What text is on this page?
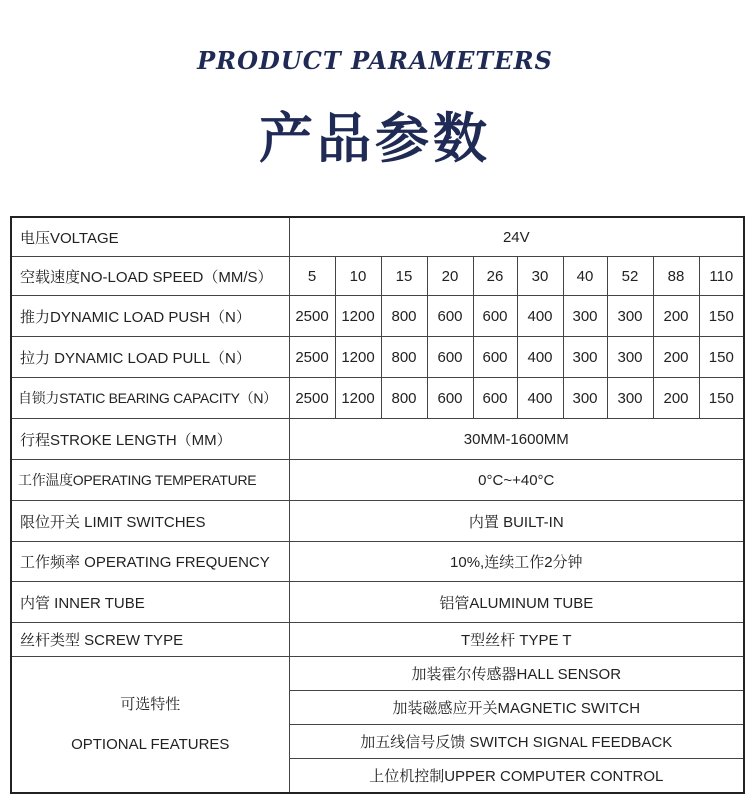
PRODUCT PARAMETERS
产品参数
电压VOLTAGE	24V									
空载速度NO-LOAD SPEED（MM/S）	5	10	15	20	26	30	40	52	88	110
推力DYNAMIC LOAD PUSH（N）	2500	1200	800	600	600	400	300	300	200	150
拉力 DYNAMIC LOAD PULL（N）	2500	1200	800	600	600	400	300	300	200	150
自锁力STATIC BEARING CAPACITY（N）	2500	1200	800	600	600	400	300	300	200	150
行程STROKE LENGTH（MM）	30MM-1600MM									
工作温度OPERATING TEMPERATURE	0°C~+40°C									
限位开关 LIMIT SWITCHES	内置 BUILT-IN									
工作频率 OPERATING FREQUENCY	10%,连续工作2分钟									
内管 INNER TUBE	铝管ALUMINUM TUBE									
丝杆类型 SCREW TYPE	T型丝杆 TYPE T									

可选特性
OPTIONAL FEATURES	加装霍尔传感器HALL SENSOR									
	加装磁感应开关MAGNETIC SWITCH									
	加五线信号反馈 SWITCH SIGNAL FEEDBACK									
	上位机控制UPPER COMPUTER CONTROL									
